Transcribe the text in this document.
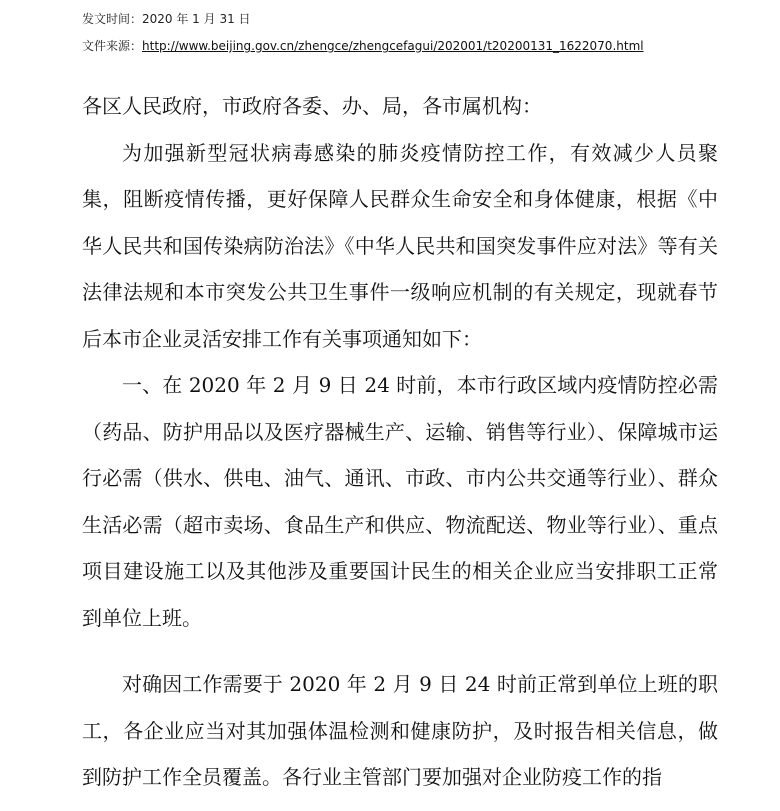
发文时间：2020 年 1 月 31 日
文件来源：http://www.beijing.gov.cn/zhengce/zhengcefagui/202001/t20200131_1622070.html

各区人民政府，市政府各委、办、局，各市属机构：

为加强新型冠状病毒感染的肺炎疫情防控工作，有效减少人员聚集，阻断疫情传播，更好保障人民群众生命安全和身体健康，根据《中华人民共和国传染病防治法》《中华人民共和国突发事件应对法》等有关法律法规和本市突发公共卫生事件一级响应机制的有关规定，现就春节后本市企业灵活安排工作有关事项通知如下：

一、在 2020 年 2 月 9 日 24 时前，本市行政区域内疫情防控必需（药品、防护用品以及医疗器械生产、运输、销售等行业）、保障城市运行必需（供水、供电、油气、通讯、市政、市内公共交通等行业）、群众生活必需（超市卖场、食品生产和供应、物流配送、物业等行业）、重点项目建设施工以及其他涉及重要国计民生的相关企业应当安排职工正常到单位上班。

对确因工作需要于 2020 年 2 月 9 日 24 时前正常到单位上班的职工，各企业应当对其加强体温检测和健康防护，及时报告相关信息，做到防护工作全员覆盖。各行业主管部门要加强对企业防疫工作的指
